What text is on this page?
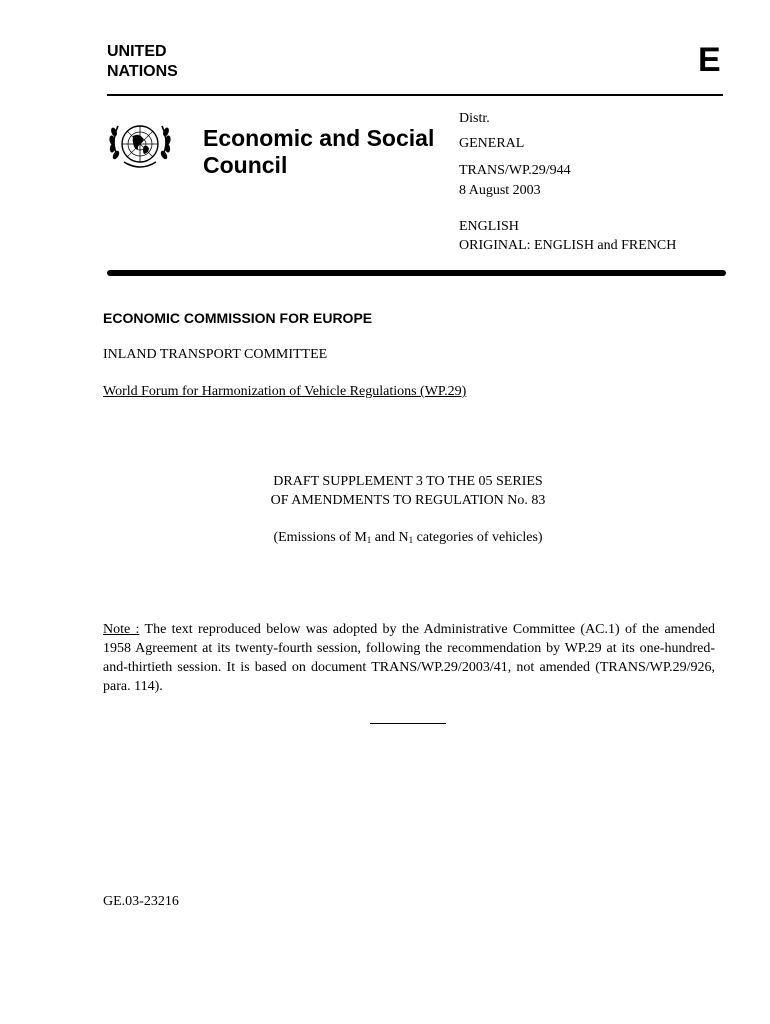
UNITED
NATIONS	E
Economic and Social
Council
Distr.
GENERAL
TRANS/WP.29/944
8 August 2003
ENGLISH
ORIGINAL: ENGLISH and FRENCH
ECONOMIC COMMISSION FOR EUROPE
INLAND TRANSPORT COMMITTEE
World Forum for Harmonization of Vehicle Regulations (WP.29)
DRAFT SUPPLEMENT 3 TO THE 05 SERIES
OF AMENDMENTS TO REGULATION No. 83
(Emissions of $M_1$ and $N_1$ categories of vehicles)
Note : The text reproduced below was adopted by the Administrative Committee (AC.1) of the amended 1958 Agreement at its twenty-fourth session, following the recommendation by WP.29 at its one-hundred-and-thirtieth session. It is based on document TRANS/WP.29/2003/41, not amended (TRANS/WP.29/926, para. 114).
GE.03-23216
